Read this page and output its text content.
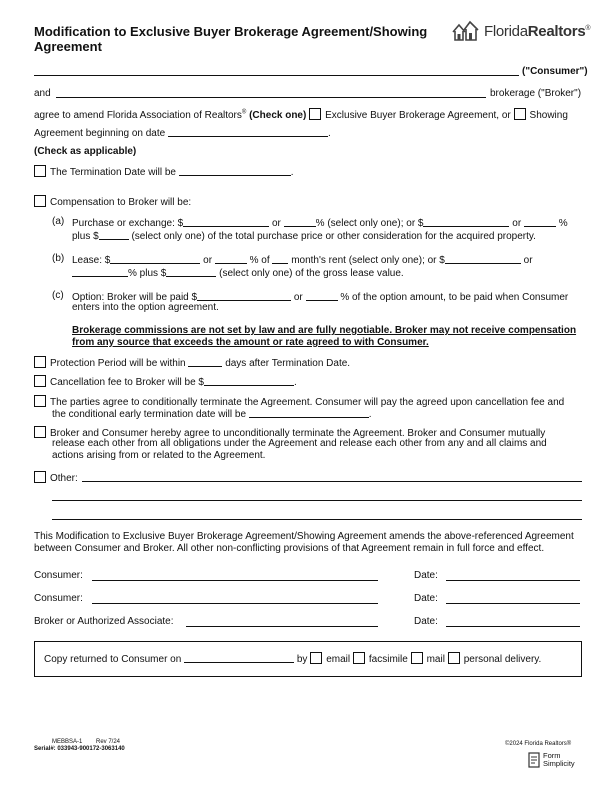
Modification to Exclusive Buyer Brokerage Agreement/Showing Agreement
FloridaRealtors®
("Consumer")
and	brokerage ("Broker")
agree to amend Florida Association of Realtors® (Check one) Exclusive Buyer Brokerage Agreement, or Showing
Agreement beginning on date	.
(Check as applicable)
The Termination Date will be	.
Compensation to Broker will be:
(a) Purchase or exchange: $	or	% (select only one); or $	or	%
plus $	(select only one) of the total purchase price or other consideration for the acquired property.
(b) Lease: $	or	% of month's rent (select only one); or $	or
% plus $	(select only one) of the gross lease value.
(c) Option: Broker will be paid $	or	% of the option amount, to be paid when Consumer
enters into the option agreement.
Brokerage commissions are not set by law and are fully negotiable. Broker may not receive compensation
from any source that exceeds the amount or rate agreed to with Consumer.
Protection Period will be within	days after Termination Date.
Cancellation fee to Broker will be $	.
The parties agree to conditionally terminate the Agreement. Consumer will pay the agreed upon cancellation fee and
the conditional early termination date will be	.
Broker and Consumer hereby agree to unconditionally terminate the Agreement. Broker and Consumer mutually
release each other from all obligations under the Agreement and release each other from any and all claims and
actions arising from or related to the Agreement.
Other:
This Modification to Exclusive Buyer Brokerage Agreement/Showing Agreement amends the above-referenced Agreement
between Consumer and Broker. All other non-conflicting provisions of that Agreement remain in full force and effect.
Consumer:	Date:
Consumer:	Date:
Broker or Authorized Associate:	Date:
Copy returned to Consumer on	by email facsimile mail personal delivery.
MEBBSA-1 Rev 7/24
Serial#: 033943-900172-3063140
©2024 Florida Realtors®
Form
Simplicity
